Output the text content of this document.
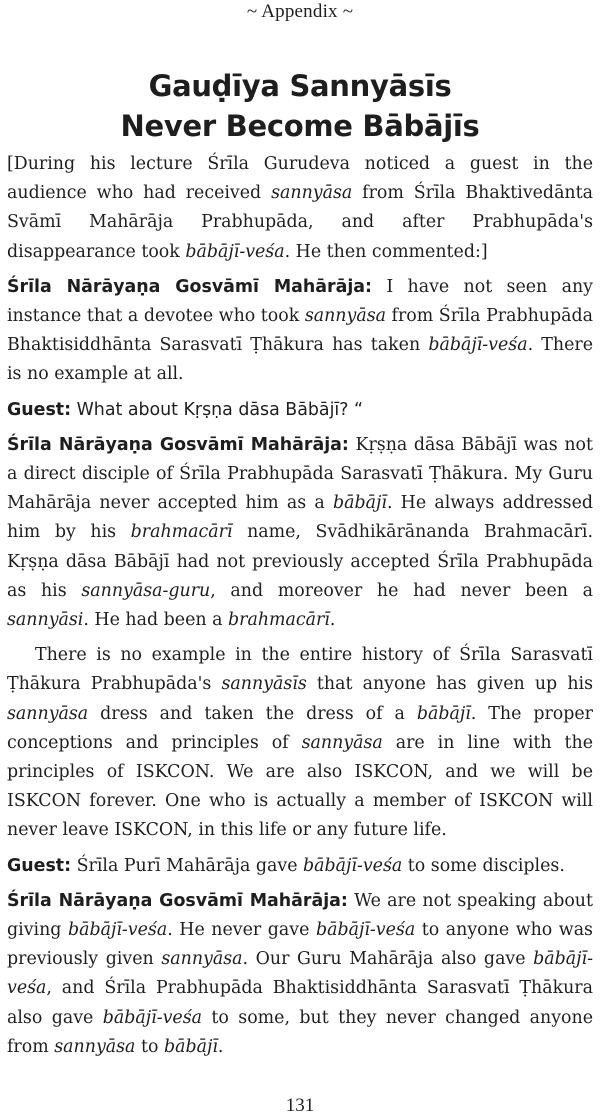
~ Appendix ~
Gauḍīya Sannyāsīs
Never Become Bābājīs

[During his lecture Śrīla Gurudeva noticed a guest in the audience who had received sannyāsa from Śrīla Bhaktivedānta Svāmī Mahārāja Prabhupāda, and after Prabhupāda's disappearance took bābājī-veśa. He then commented:]

Śrīla Nārāyaṇa Gosvāmī Mahārāja: I have not seen any instance that a devotee who took sannyāsa from Śrīla Prabhupāda Bhaktisiddhānta Sarasvatī Ṭhākura has taken bābājī-veśa. There is no example at all.

Guest: What about Kṛṣṇa dāsa Bābājī? “

Śrīla Nārāyaṇa Gosvāmī Mahārāja: Kṛṣṇa dāsa Bābājī was not a direct disciple of Śrīla Prabhupāda Sarasvatī Ṭhākura. My Guru Mahārāja never accepted him as a bābājī. He always addressed him by his brahmacārī name, Svādhikārānanda Brahmacārī. Kṛṣṇa dāsa Bābājī had not previously accepted Śrīla Prabhupāda as his sannyāsa-guru, and moreover he had never been a sannyāsi. He had been a brahmacārī.

There is no example in the entire history of Śrīla Sarasvatī Ṭhākura Prabhupāda's sannyāsīs that anyone has given up his sannyāsa dress and taken the dress of a bābājī. The proper conceptions and principles of sannyāsa are in line with the principles of ISKCON. We are also ISKCON, and we will be ISKCON forever. One who is actually a member of ISKCON will never leave ISKCON, in this life or any future life.

Guest: Śrīla Purī Mahārāja gave bābājī-veśa to some disciples.

Śrīla Nārāyaṇa Gosvāmī Mahārāja: We are not speaking about giving bābājī-veśa. He never gave bābājī-veśa to anyone who was previously given sannyāsa. Our Guru Mahārāja also gave bābājī-veśa, and Śrīla Prabhupāda Bhaktisiddhānta Sarasvatī Ṭhākura also gave bābājī-veśa to some, but they never changed anyone from sannyāsa to bābājī.

131
